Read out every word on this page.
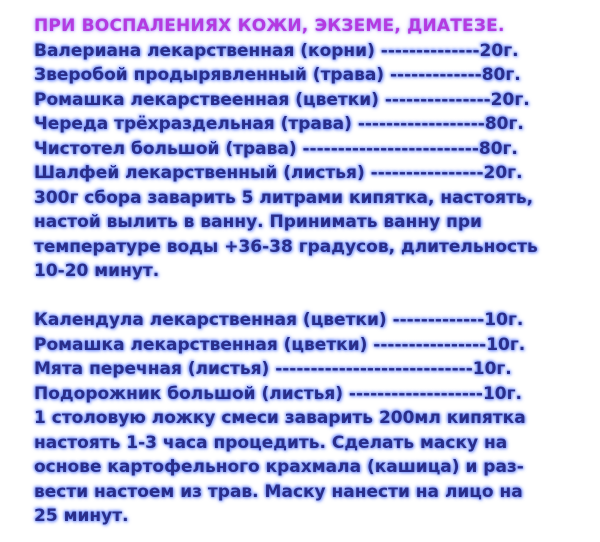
ПРИ ВОСПАЛЕНИЯХ КОЖИ, ЭКЗЕМЕ, ДИАТЕЗЕ.
Валериана лекарственная (корни) --------------20г.
Зверобой продырявленный (трава) -------------80г.
Ромашка лекарствеенная (цветки) ---------------20г.
Череда трёхраздельная (трава) ------------------80г.
Чистотел большой (трава) -------------------------80г.
Шалфей лекарственный (листья) ----------------20г.
300г сбора заварить 5 литрами кипятка, настоять,
настой вылить в ванну. Принимать ванну при
температуре воды +36-38 градусов, длительность
10-20 минут.
Календула лекарственная (цветки) -------------10г.
Ромашка лекарственная (цветки) ----------------10г.
Мята перечная (листья) ----------------------------10г.
Подорожник большой (листья) -------------------10г.
1 столовую ложку смеси заварить 200мл кипятка
настоять 1-3 часа процедить. Сделать маску на
основе картофельного крахмала (кашица) и раз-
вести настоем из трав. Маску нанести на лицо на
25 минут.
